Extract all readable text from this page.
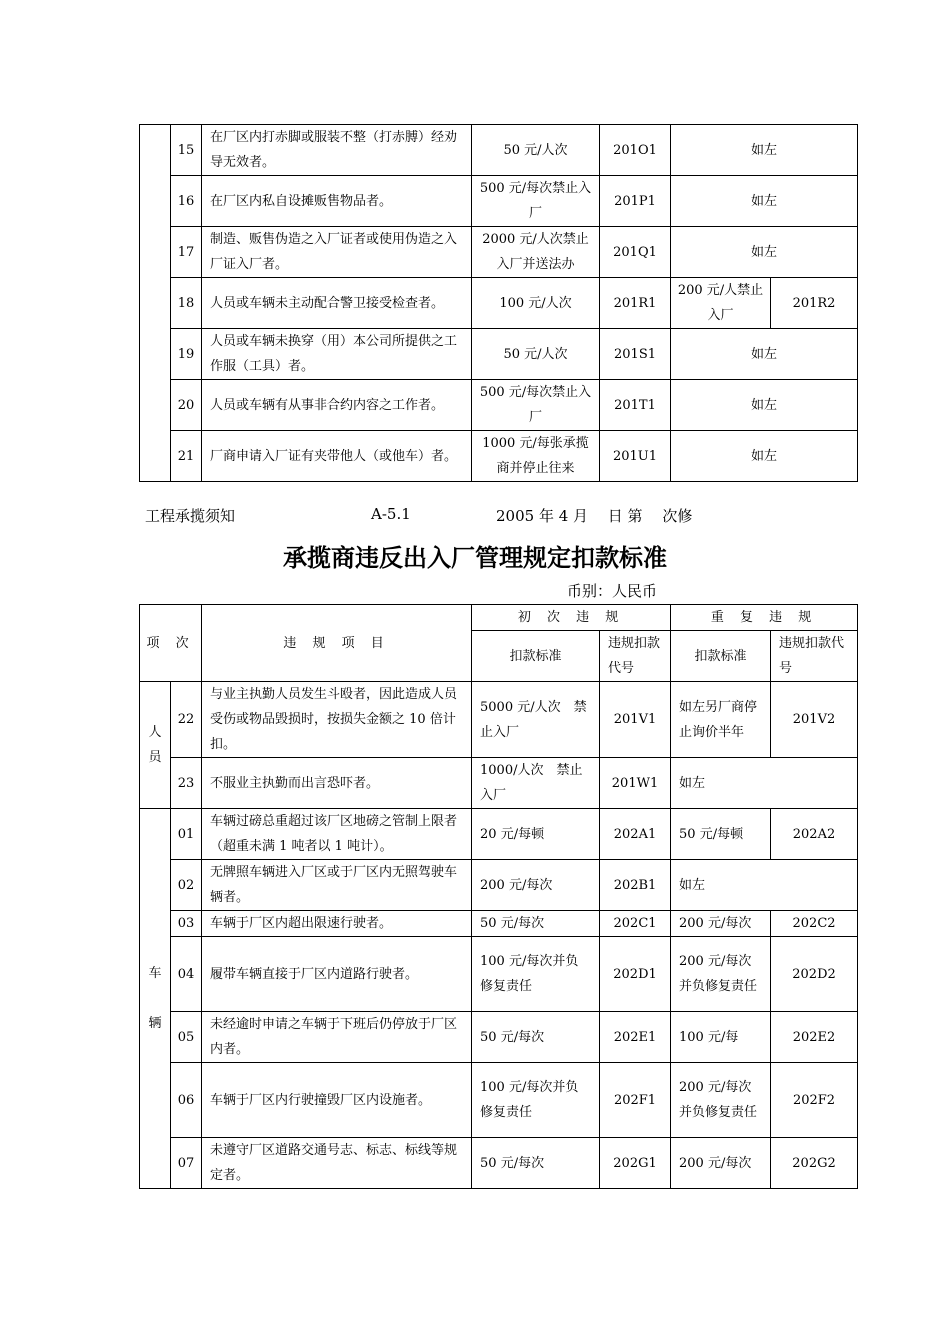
	15	在厂区内打赤脚或服装不整（打赤膊）经劝导无效者。	50 元/人次	201O1	如左	
	16	在厂区内私自设摊贩售物品者。	500 元/每次禁止入厂	201P1	如左	
	17	制造、贩售伪造之入厂证者或使用伪造之入厂证入厂者。	2000 元/人次禁止入厂并送法办	201Q1	如左	
	18	人员或车辆未主动配合警卫接受检查者。	100 元/人次	201R1	200 元/人禁止入厂	201R2
	19	人员或车辆未换穿（用）本公司所提供之工作服（工具）者。	50 元/人次	201S1	如左	
	20	人员或车辆有从事非合约内容之工作者。	500 元/每次禁止入厂	201T1	如左	
	21	厂商申请入厂证有夹带他人（或他车）者。	1000 元/每张承揽商并停止往来	201U1	如左	
工程承揽须知	A-5.1	2005 年 4 月　 日 第　 次修
承揽商违反出入厂管理规定扣款标准
币别：人民币
项 次		违 规 项 目	初 次 违 规		重 复 违 规	
			扣款标准	违规扣款代号	扣款标准	违规扣款代号

人员	22	与业主执勤人员发生斗殴者，因此造成人员受伤或物品毁损时，按损失金额之 10 倍计扣。	5000 元/人次　禁止入厂	201V1	如左另厂商停止询价半年	201V2
	23	不服业主执勤而出言恐吓者。	1000/人次　禁止入厂	201W1	如左	

车辆	01	车辆过磅总重超过该厂区地磅之管制上限者（超重未满 1 吨者以 1 吨计）。	20 元/每顿	202A1	50 元/每顿	202A2
	02	无牌照车辆进入厂区或于厂区内无照驾驶车辆者。	200 元/每次	202B1	如左	
	03	车辆于厂区内超出限速行驶者。	50 元/每次	202C1	200 元/每次	202C2
	04	履带车辆直接于厂区内道路行驶者。	100 元/每次并负修复责任	202D1	200 元/每次并负修复责任	202D2
	05	未经逾时申请之车辆于下班后仍停放于厂区内者。	50 元/每次	202E1	100 元/每	202E2
	06	车辆于厂区内行驶撞毁厂区内设施者。	100 元/每次并负修复责任	202F1	200 元/每次并负修复责任	202F2
	07	未遵守厂区道路交通号志、标志、标线等规定者。	50 元/每次	202G1	200 元/每次	202G2
